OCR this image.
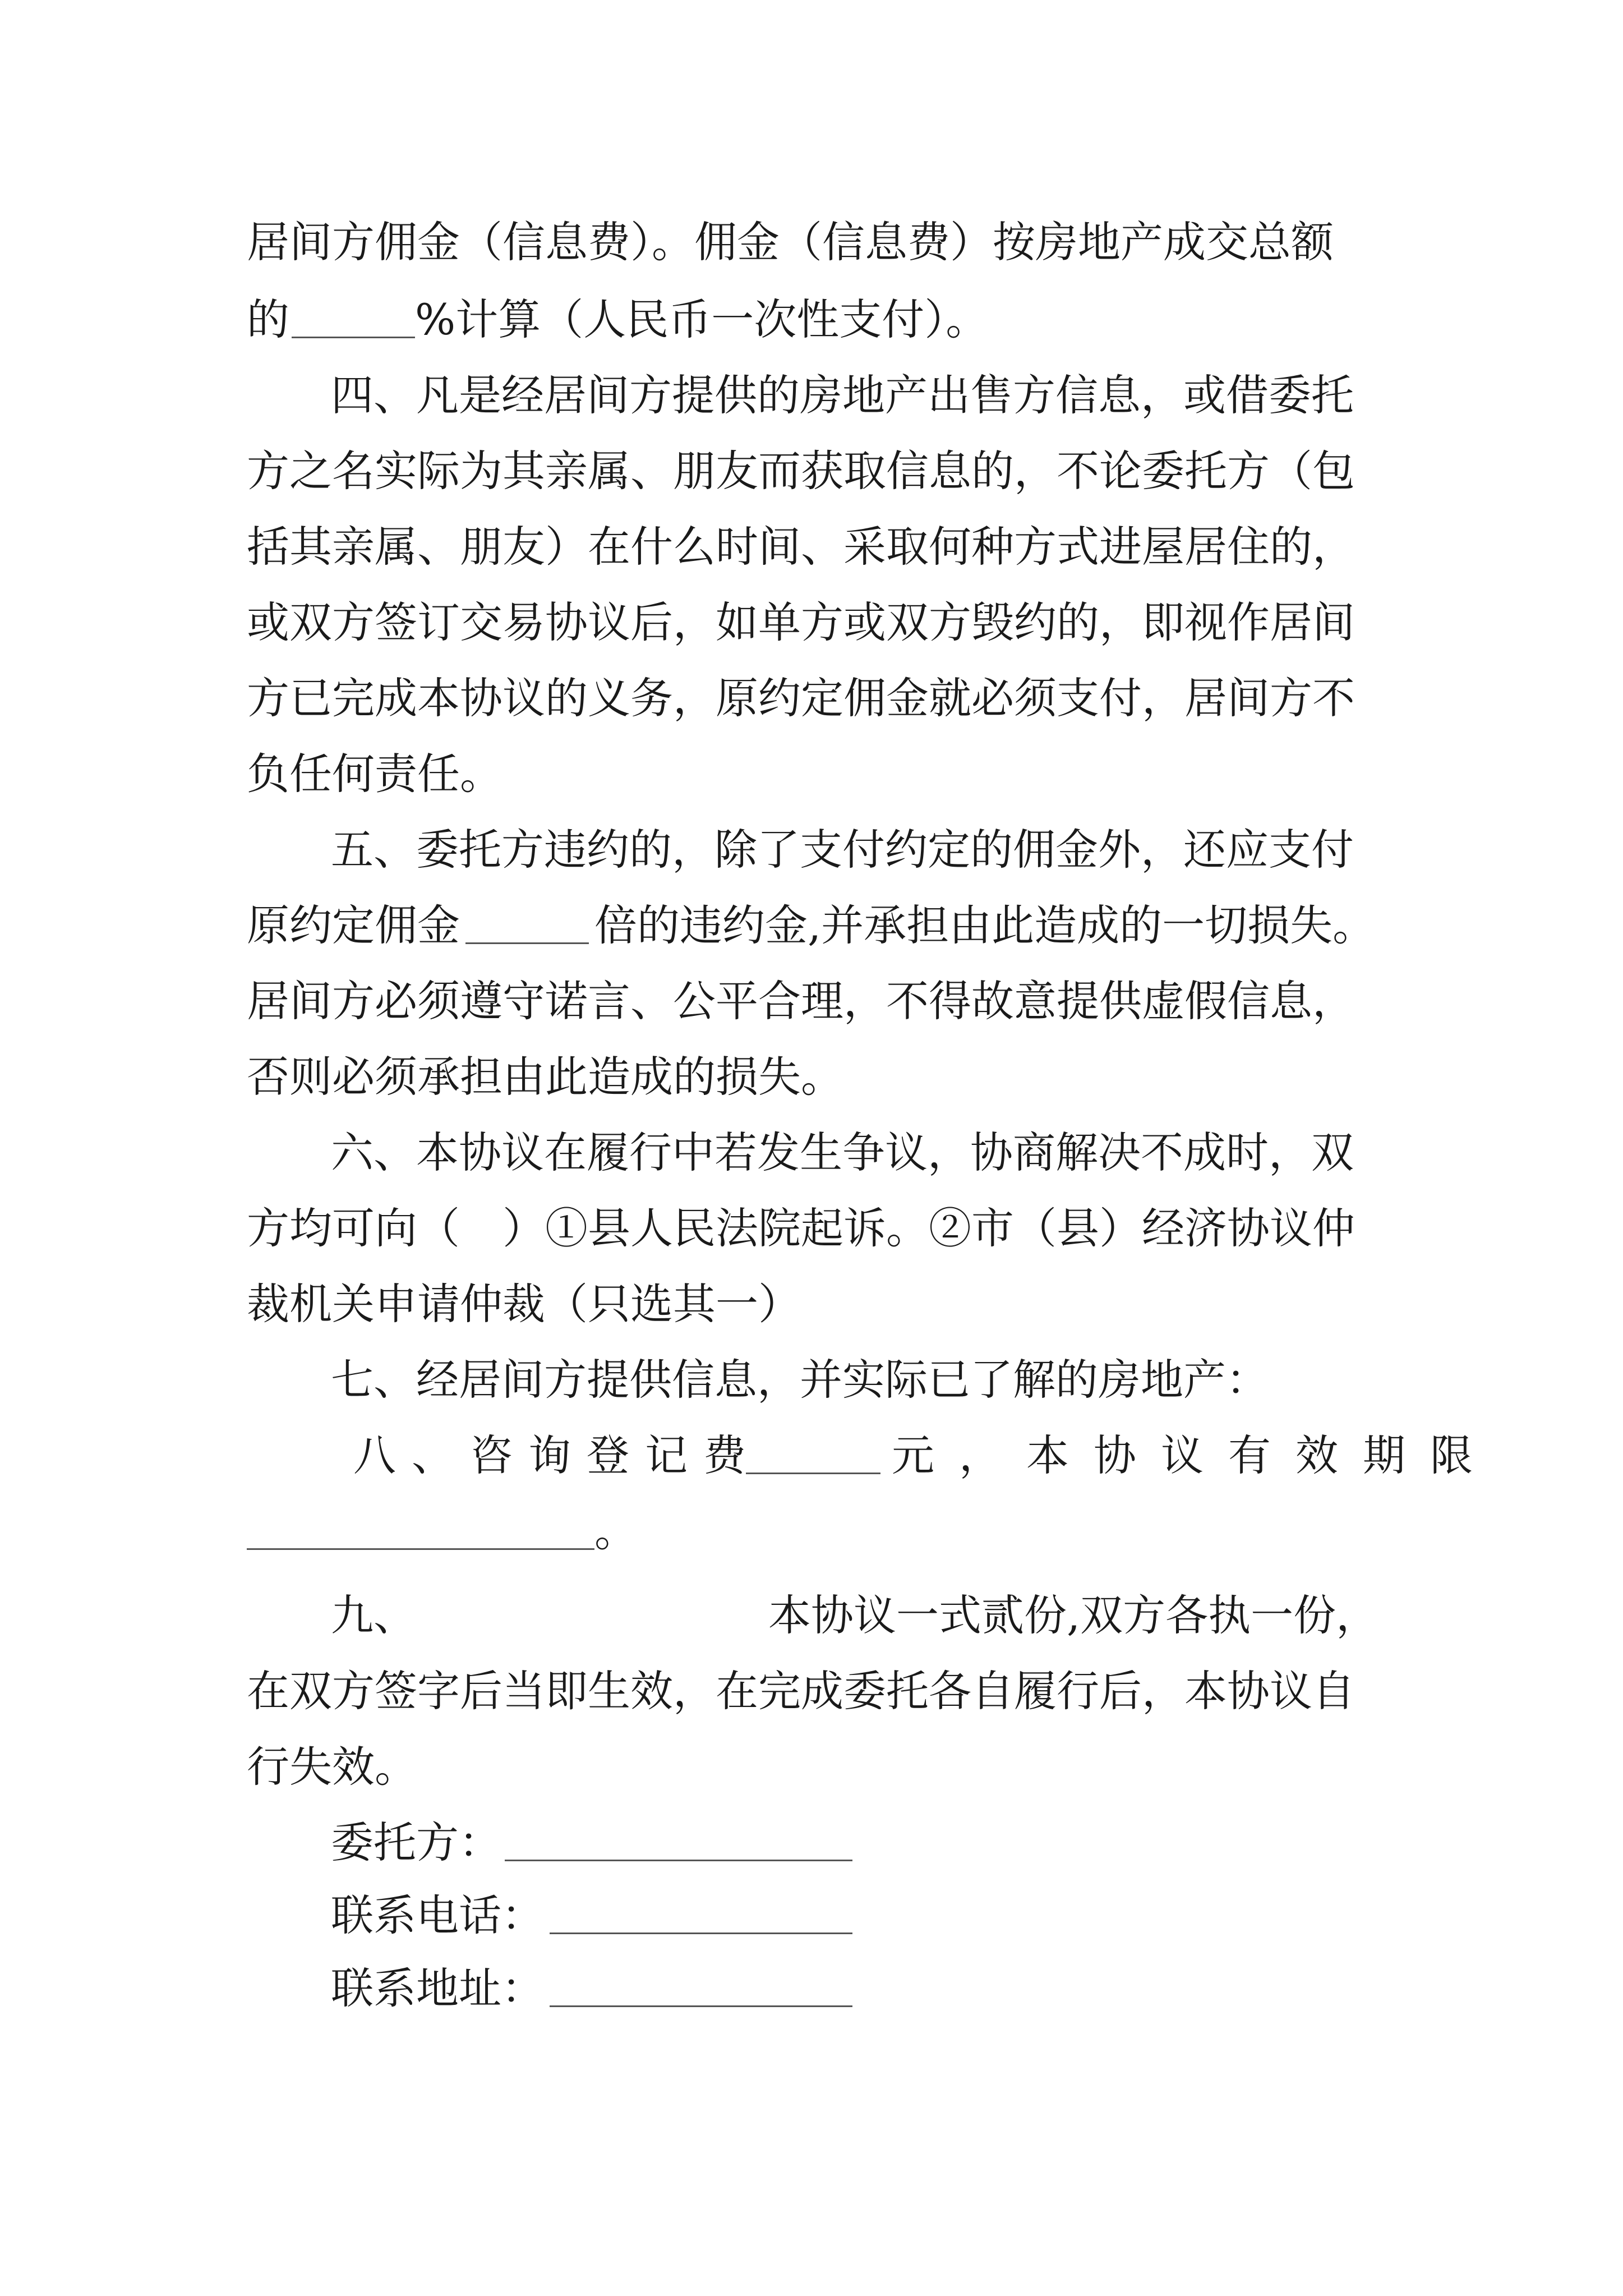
居间方佣金（信息费）。佣金（信息费）按房地产成交总额
的	%计算（人民币一次性支付）。
四、凡是经居间方提供的房地产出售方信息，或借委托
方之名实际为其亲属、朋友而获取信息的，不论委托方（包
括其亲属、朋友）在什么时间、采取何种方式进屋居住的，
或双方签订交易协议后，如单方或双方毁约的，即视作居间
方已完成本协议的义务，原约定佣金就必须支付，居间方不
负任何责任。
五、委托方违约的，除了支付约定的佣金外，还应支付
原约定佣金	倍的违约金,并承担由此造成的一切损失。
居间方必须遵守诺言、公平合理，不得故意提供虚假信息，
否则必须承担由此造成的损失。
六、本协议在履行中若发生争议，协商解决不成时，双
方均可向（　）①县人民法院起诉。②市（县）经济协议仲
裁机关申请仲裁（只选其一）
七、经居间方提供信息，并实际已了解的房地产：
八、咨询登记费	元，本协议有效期限
。
九、	本协议一式贰份,双方各执一份，
在双方签字后当即生效，在完成委托各自履行后，本协议自
行失效。
委托方：
联系电话：
联系地址：
